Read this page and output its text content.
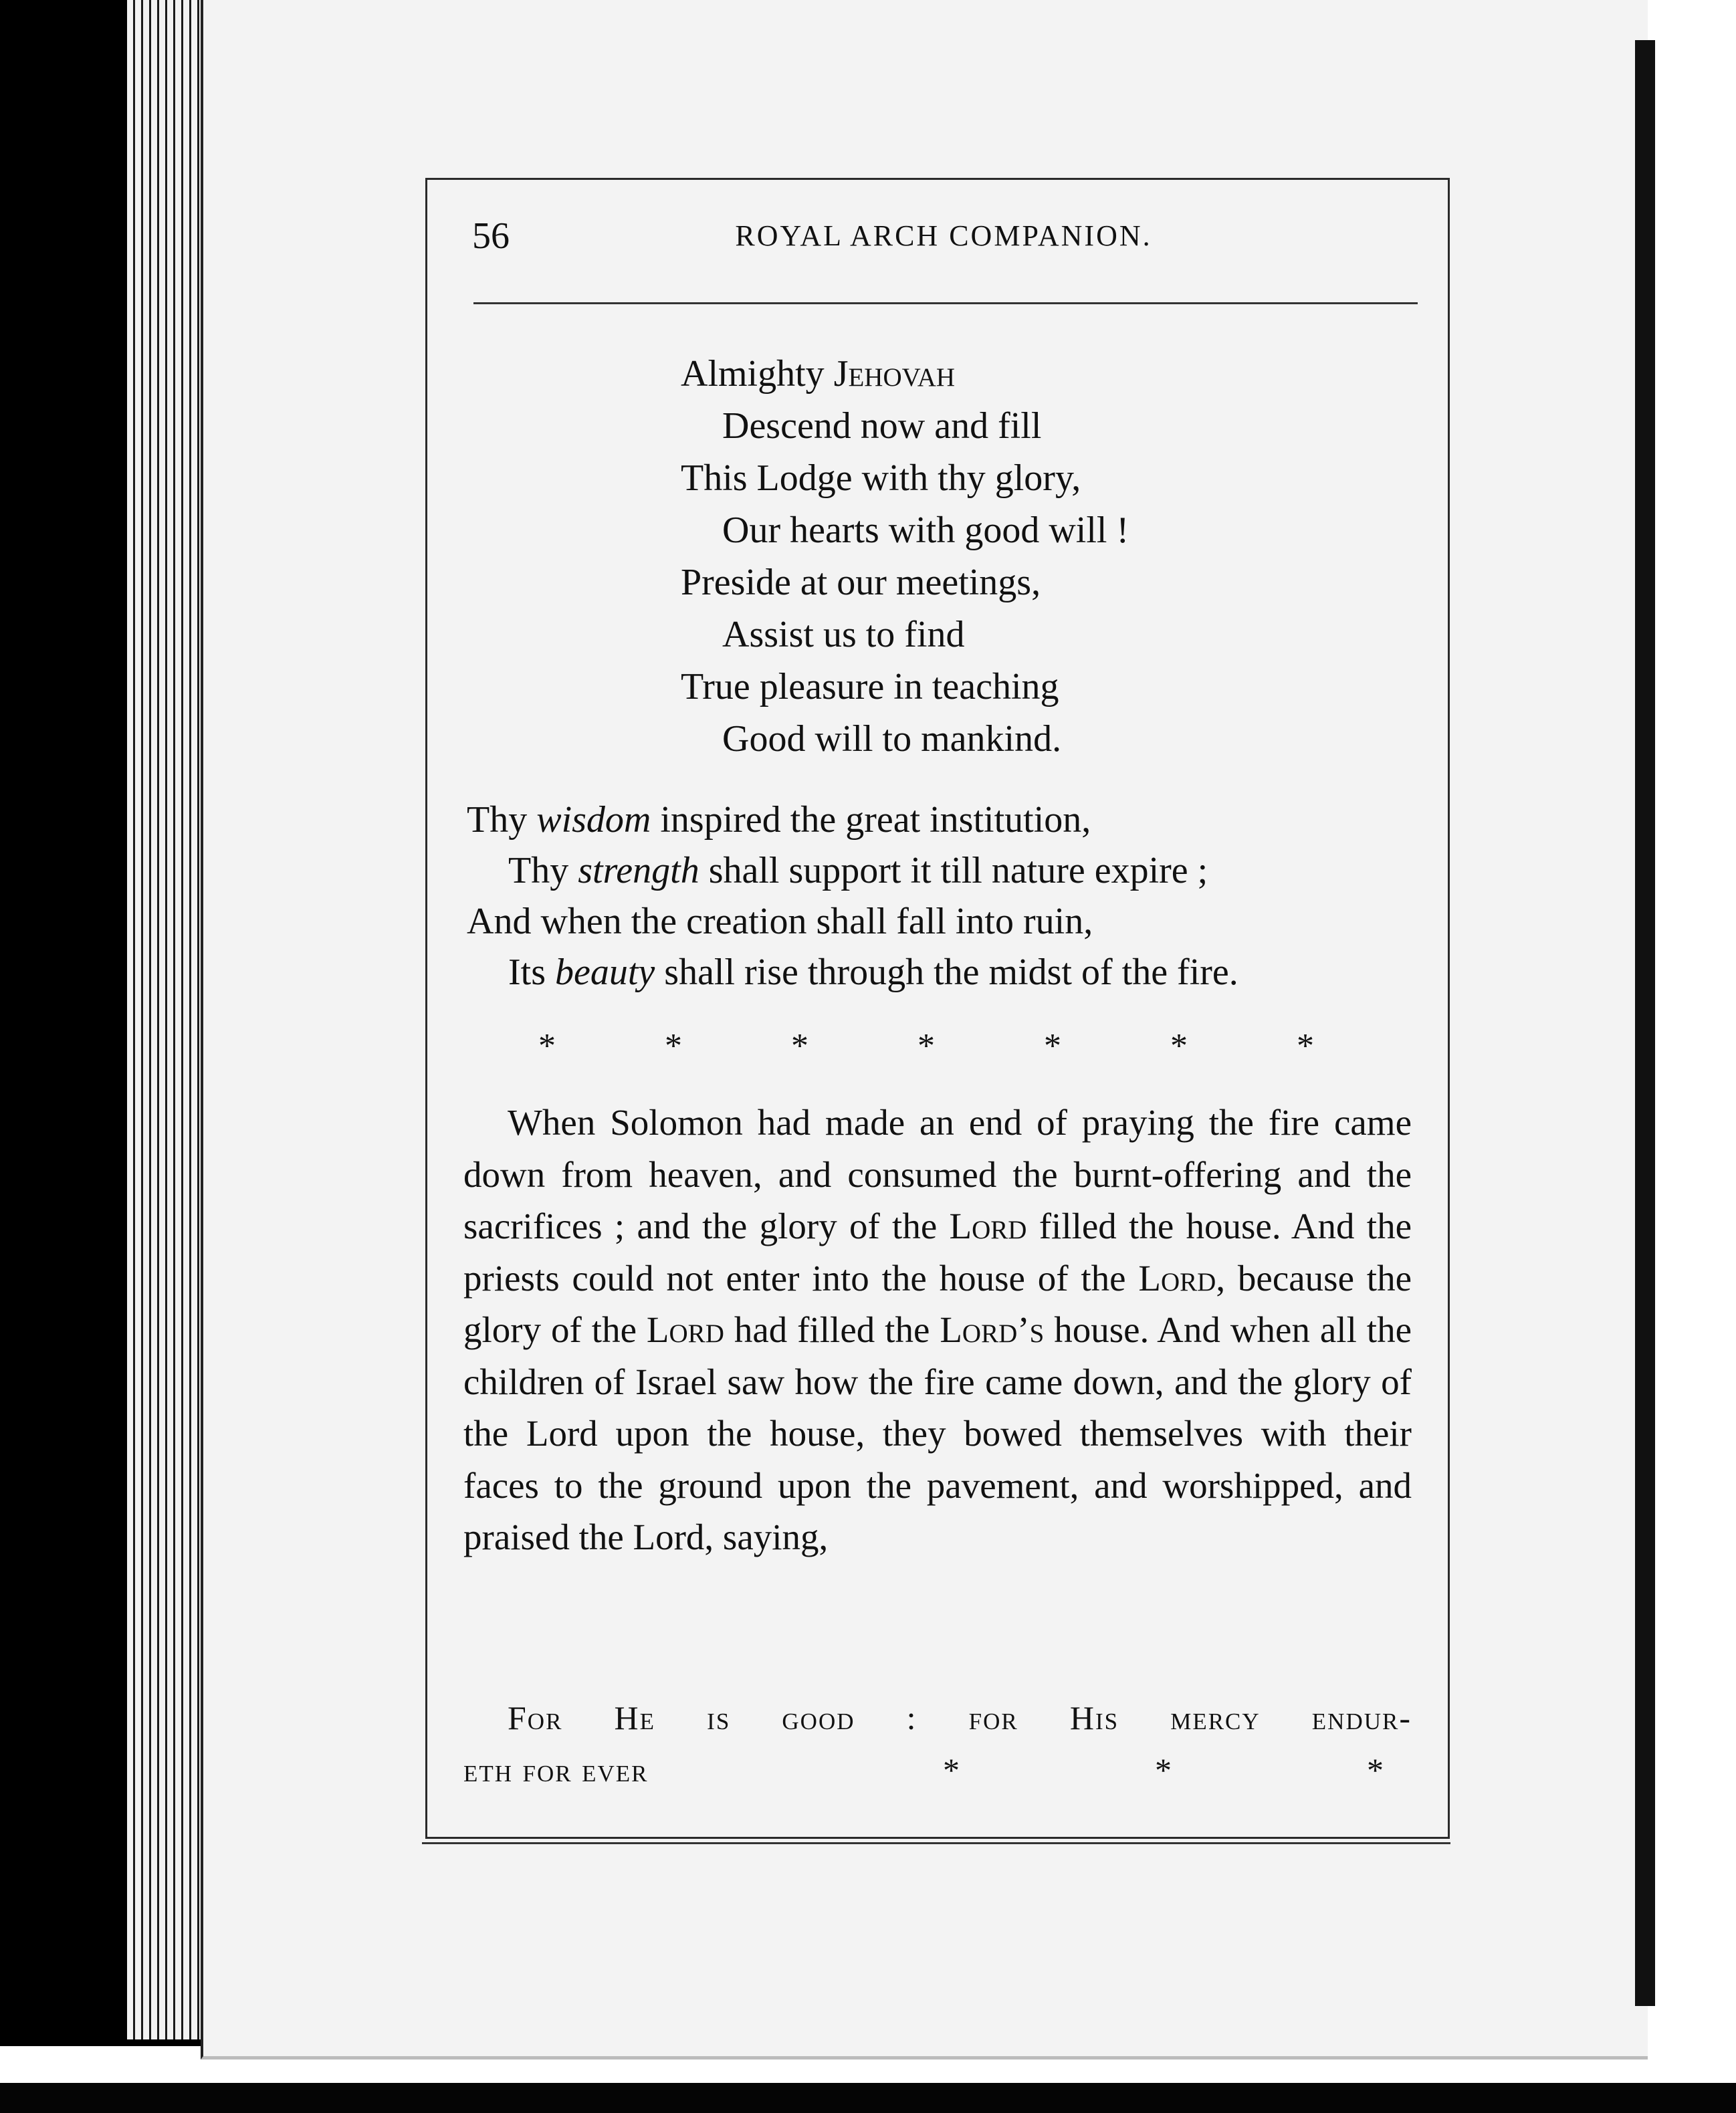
56	ROYAL ARCH COMPANION.
Almighty Jehovah
Descend now and fill
This Lodge with thy glory,
Our hearts with good will !
Preside at our meetings,
Assist us to find
True pleasure in teaching
Good will to mankind.
Thy wisdom inspired the great institution,
Thy strength shall support it till nature expire ;
And when the creation shall fall into ruin,
Its beauty shall rise through the midst of the fire.
*	*	*	*	*	*	*
When Solomon had made an end of praying the fire came down from heaven, and consumed the burnt-offering and the sacrifices ; and the glory of the Lord filled the house. And the priests could not enter into the house of the Lord, because the glory of the Lord had filled the Lord’s house. And when all the children of Israel saw how the fire came down, and the glory of the Lord upon the house, they bowed themselves with their faces to the ground upon the pavement, and worshipped, and praised the Lord, saying,
For He is good : for His mercy endur-
eth for ever	*	*	*
